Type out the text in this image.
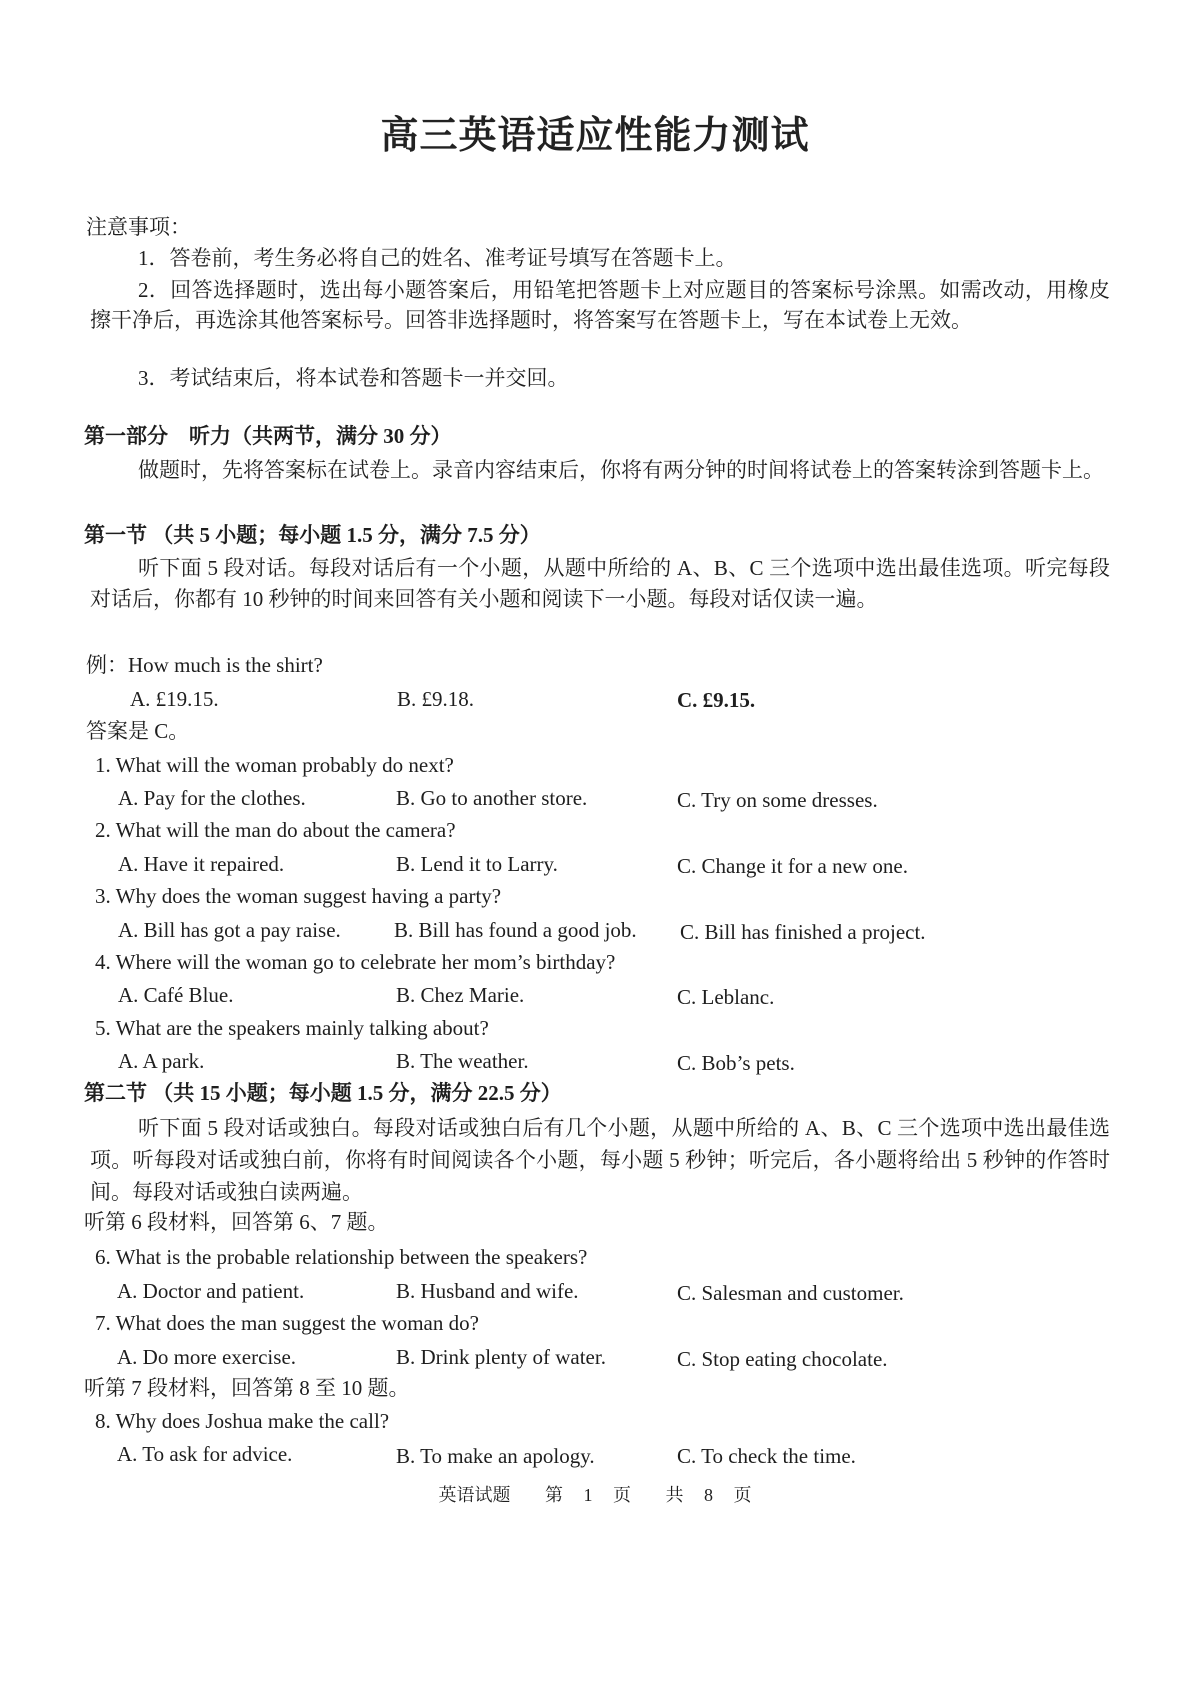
高三英语适应性能力测试
注意事项：
1．答卷前，考生务必将自己的姓名、准考证号填写在答题卡上。
2．回答选择题时，选出每小题答案后，用铅笔把答题卡上对应题目的答案标号涂黑。如需改动，用橡皮擦干净后，再选涂其他答案标号。回答非选择题时，将答案写在答题卡上，写在本试卷上无效。
3．考试结束后，将本试卷和答题卡一并交回。
第一部分　听力（共两节，满分 30 分）
做题时，先将答案标在试卷上。录音内容结束后，你将有两分钟的时间将试卷上的答案转涂到答题卡上。
第一节 （共 5 小题；每小题 1.5 分，满分 7.5 分）
听下面 5 段对话。每段对话后有一个小题，从题中所给的 A、B、C 三个选项中选出最佳选项。听完每段对话后，你都有 10 秒钟的时间来回答有关小题和阅读下一小题。每段对话仅读一遍。
例：How much is the shirt?
A. £19.15.	B. £9.18.	C. £9.15.
答案是 C。
1. What will the woman probably do next?
A. Pay for the clothes.	B. Go to another store.	C. Try on some dresses.
2. What will the man do about the camera?
A. Have it repaired.	B. Lend it to Larry.	C. Change it for a new one.
3. Why does the woman suggest having a party?
A. Bill has got a pay raise.	B. Bill has found a good job. C. Bill has finished a project.
4. Where will the woman go to celebrate her mom’s birthday?
A. Café Blue.	B. Chez Marie.	C. Leblanc.
5. What are the speakers mainly talking about?
A. A park.	B. The weather.	C. Bob’s pets.
第二节 （共 15 小题；每小题 1.5 分，满分 22.5 分）
听下面 5 段对话或独白。每段对话或独白后有几个小题，从题中所给的 A、B、C 三个选项中选出最佳选项。听每段对话或独白前，你将有时间阅读各个小题，每小题 5 秒钟；听完后，各小题将给出 5 秒钟的作答时间。每段对话或独白读两遍。
听第 6 段材料，回答第 6、7 题。
6. What is the probable relationship between the speakers?
A. Doctor and patient.	B. Husband and wife.	C. Salesman and customer.
7. What does the man suggest the woman do?
A. Do more exercise.	B. Drink plenty of water.	C. Stop eating chocolate.
听第 7 段材料，回答第 8 至 10 题。
8. Why does Joshua make the call?
A. To ask for advice.	B. To make an apology.	C. To check the time.
英语试题 第 1 页 共 8 页
